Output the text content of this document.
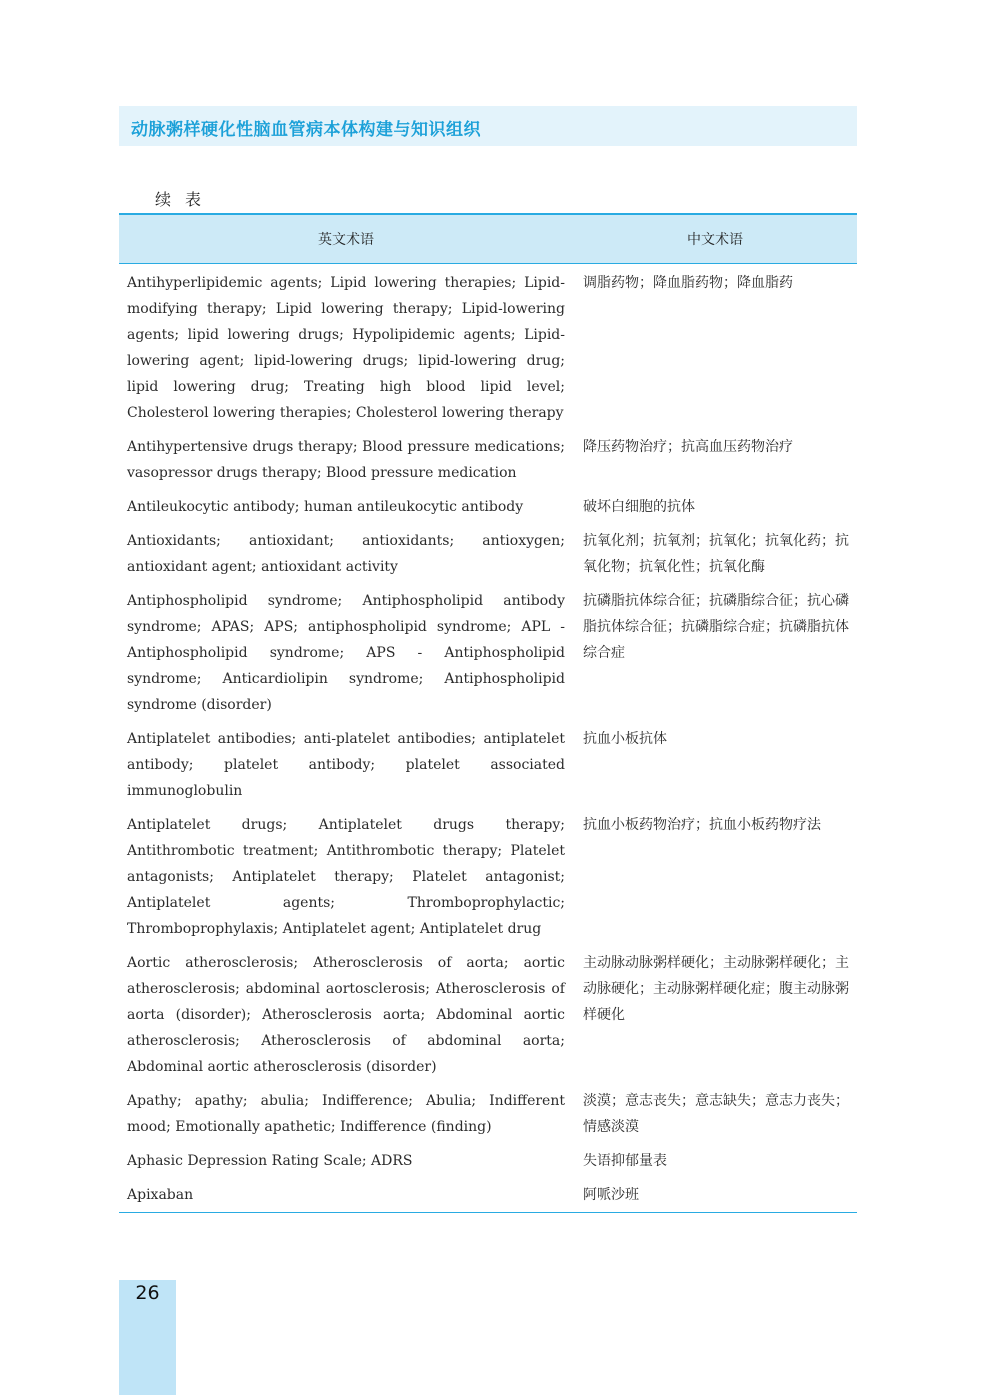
动脉粥样硬化性脑血管病本体构建与知识组织
续表
英文术语	中文术语
Antihyperlipidemic agents; Lipid lowering therapies; Lipid-modifying therapy; Lipid lowering therapy; Lipid-lowering agents; lipid lowering drugs; Hypolipidemic agents; Lipid-lowering agent; lipid-lowering drugs; lipid-lowering drug; lipid lowering drug; Treating high blood lipid level; Cholesterol lowering therapies; Cholesterol lowering therapy	调脂药物；降血脂药物；降血脂药
Antihypertensive drugs therapy; Blood pressure medications; vasopressor drugs therapy; Blood pressure medication	降压药物治疗；抗高血压药物治疗
Antileukocytic antibody; human antileukocytic antibody	破坏白细胞的抗体
Antioxidants; antioxidant; antioxidants; antioxygen; antioxidant agent; antioxidant activity	抗氧化剂；抗氧剂；抗氧化；抗氧化药；抗氧化物；抗氧化性；抗氧化酶
Antiphospholipid syndrome; Antiphospholipid antibody syndrome; APAS; APS; antiphospholipid syndrome; APL - Antiphospholipid syndrome; APS - Antiphospholipid syndrome; Anticardiolipin syndrome; Antiphospholipid syndrome (disorder)	抗磷脂抗体综合征；抗磷脂综合征；抗心磷脂抗体综合征；抗磷脂综合症；抗磷脂抗体综合症
Antiplatelet antibodies; anti-platelet antibodies; antiplatelet antibody; platelet antibody; platelet associated immunoglobulin	抗血小板抗体
Antiplatelet drugs; Antiplatelet drugs therapy; Antithrombotic treatment; Antithrombotic therapy; Platelet antagonists; Antiplatelet therapy; Platelet antagonist; Antiplatelet agents; Thromboprophylactic; Thromboprophylaxis; Antiplatelet agent; Antiplatelet drug	抗血小板药物治疗；抗血小板药物疗法
Aortic atherosclerosis; Atherosclerosis of aorta; aortic atherosclerosis; abdominal aortosclerosis; Atherosclerosis of aorta (disorder); Atherosclerosis aorta; Abdominal aortic atherosclerosis; Atherosclerosis of abdominal aorta; Abdominal aortic atherosclerosis (disorder)	主动脉动脉粥样硬化；主动脉粥样硬化；主动脉硬化；主动脉粥样硬化症；腹主动脉粥样硬化
Apathy; apathy; abulia; Indifference; Abulia; Indifferent mood; Emotionally apathetic; Indifference (finding)	淡漠；意志丧失；意志缺失；意志力丧失；情感淡漠
Aphasic Depression Rating Scale; ADRS	失语抑郁量表
Apixaban	阿哌沙班
26
